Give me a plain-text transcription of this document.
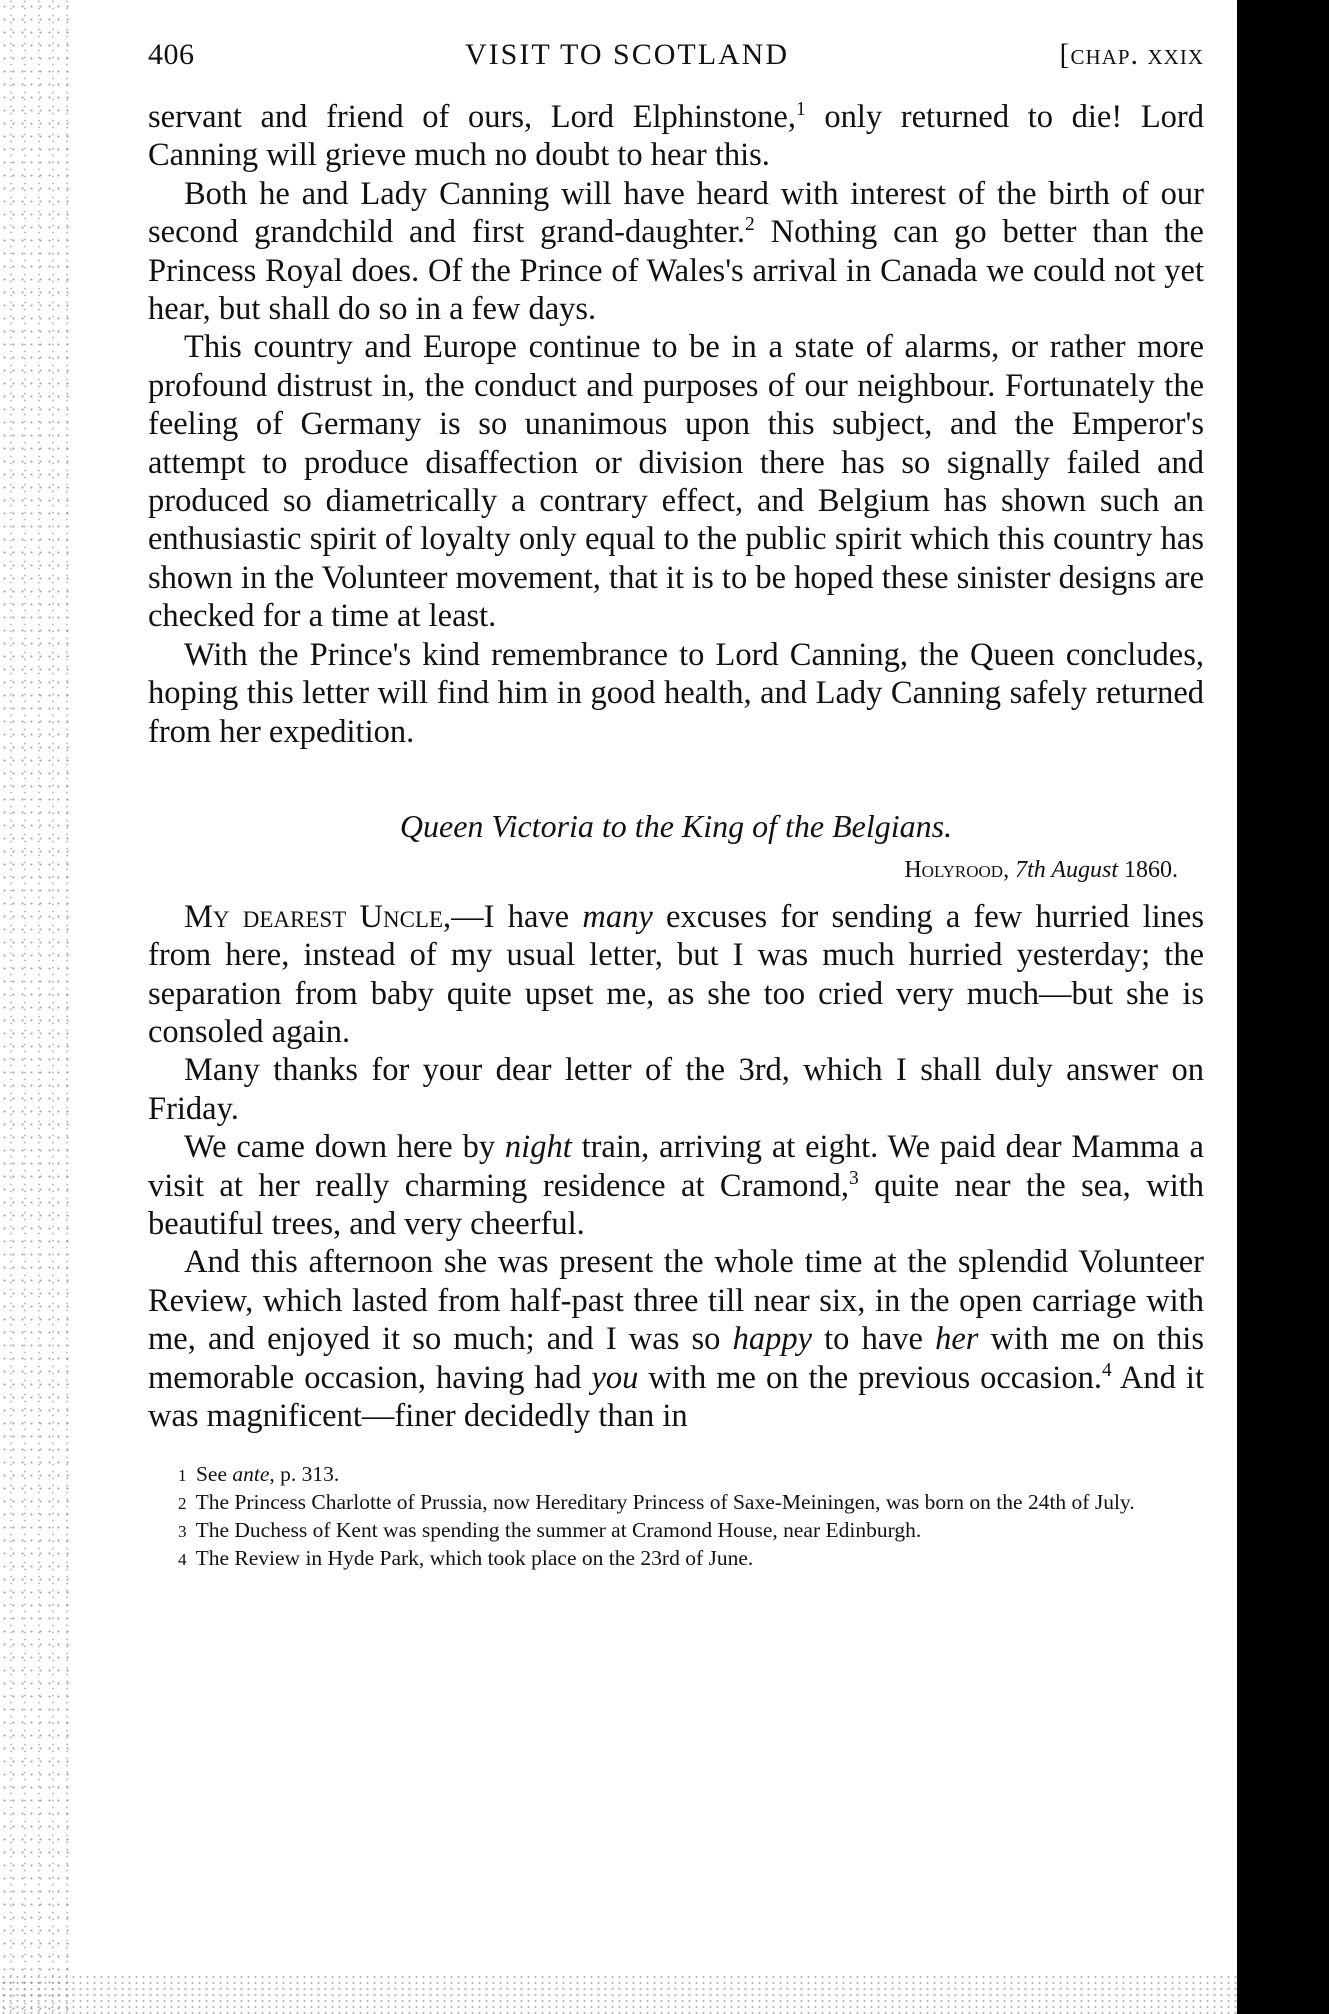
406	VISIT TO SCOTLAND	[chap. xxix

servant and friend of ours, Lord Elphinstone,$^1$ only returned to die! Lord Canning will grieve much no doubt to hear this.

Both he and Lady Canning will have heard with interest of the birth of our second grandchild and first grand-daughter.$^2$ Nothing can go better than the Princess Royal does. Of the Prince of Wales's arrival in Canada we could not yet hear, but shall do so in a few days.

This country and Europe continue to be in a state of alarms, or rather more profound distrust in, the conduct and purposes of our neighbour. Fortunately the feeling of Germany is so unanimous upon this subject, and the Emperor's attempt to produce disaffection or division there has so signally failed and produced so diametrically a contrary effect, and Belgium has shown such an enthusiastic spirit of loyalty only equal to the public spirit which this country has shown in the Volunteer movement, that it is to be hoped these sinister designs are checked for a time at least.

With the Prince's kind remembrance to Lord Canning, the Queen concludes, hoping this letter will find him in good health, and Lady Canning safely returned from her expedition.

Queen Victoria to the King of the Belgians.
Holyrood, 7th August 1860.

My dearest Uncle,—I have many excuses for sending a few hurried lines from here, instead of my usual letter, but I was much hurried yesterday; the separation from baby quite upset me, as she too cried very much—but she is consoled again.

Many thanks for your dear letter of the 3rd, which I shall duly answer on Friday.

We came down here by night train, arriving at eight. We paid dear Mamma a visit at her really charming residence at Cramond,$^3$ quite near the sea, with beautiful trees, and very cheerful.

And this afternoon she was present the whole time at the splendid Volunteer Review, which lasted from half-past three till near six, in the open carriage with me, and enjoyed it so much; and I was so happy to have her with me on this memorable occasion, having had you with me on the previous occasion.$^4$ And it was magnificent—finer decidedly than in

1 See ante, p. 313.

2 The Princess Charlotte of Prussia, now Hereditary Princess of Saxe-Meiningen, was born on the 24th of July.

3 The Duchess of Kent was spending the summer at Cramond House, near Edinburgh.

4 The Review in Hyde Park, which took place on the 23rd of June.
